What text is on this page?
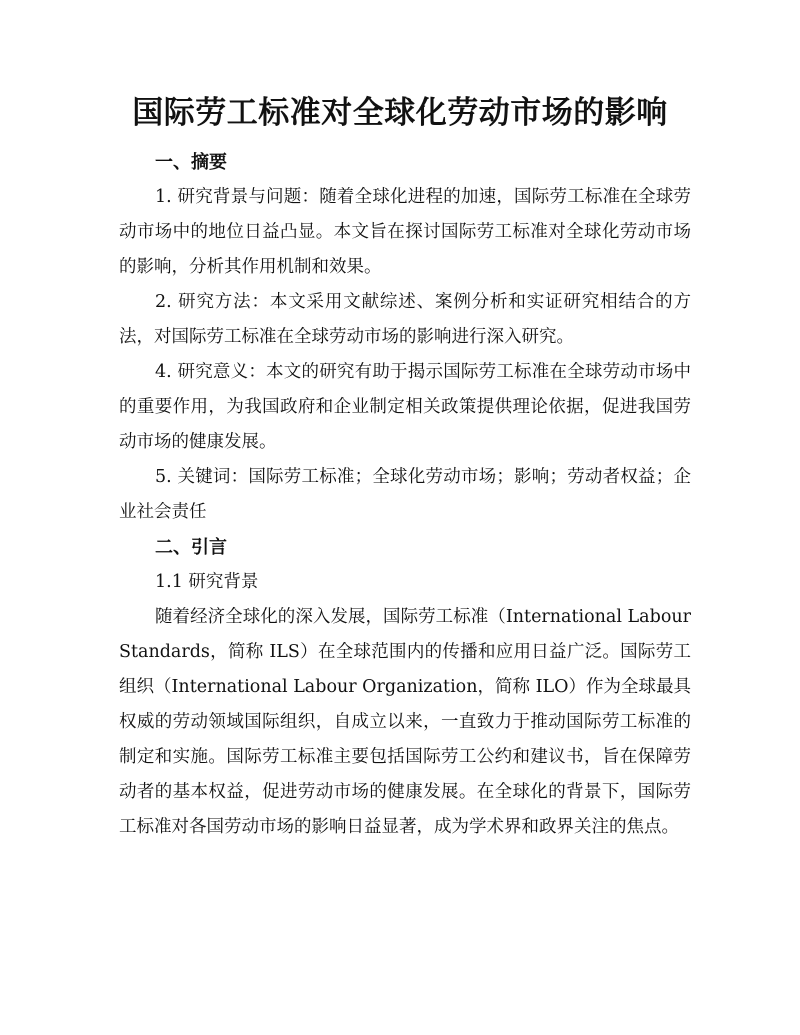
国际劳工标准对全球化劳动市场的影响

一、摘要

1. 研究背景与问题：随着全球化进程的加速，国际劳工标准在全球劳动市场中的地位日益凸显。本文旨在探讨国际劳工标准对全球化劳动市场的影响，分析其作用机制和效果。

2. 研究方法：本文采用文献综述、案例分析和实证研究相结合的方法，对国际劳工标准在全球劳动市场的影响进行深入研究。

4. 研究意义：本文的研究有助于揭示国际劳工标准在全球劳动市场中的重要作用，为我国政府和企业制定相关政策提供理论依据，促进我国劳动市场的健康发展。

5. 关键词：国际劳工标准；全球化劳动市场；影响；劳动者权益；企业社会责任

二、引言

1.1 研究背景

随着经济全球化的深入发展，国际劳工标准（International Labour Standards，简称 ILS）在全球范围内的传播和应用日益广泛。国际劳工组织（International Labour Organization，简称 ILO）作为全球最具权威的劳动领域国际组织，自成立以来，一直致力于推动国际劳工标准的制定和实施。国际劳工标准主要包括国际劳工公约和建议书，旨在保障劳动者的基本权益，促进劳动市场的健康发展。在全球化的背景下，国际劳工标准对各国劳动市场的影响日益显著，成为学术界和政界关注的焦点。
